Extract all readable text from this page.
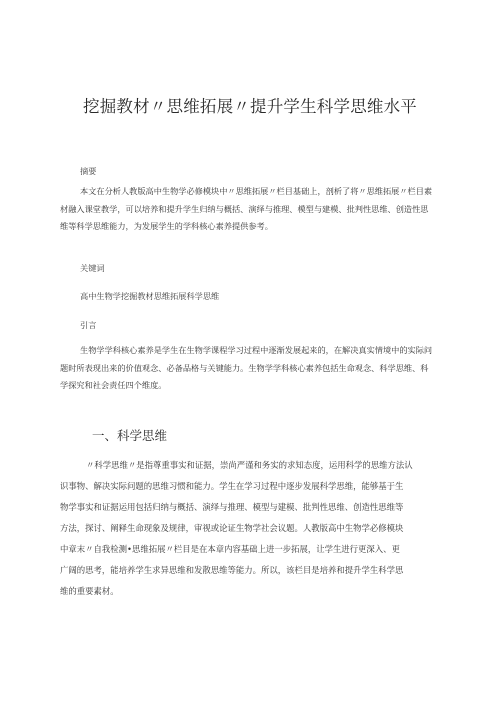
挖掘教材〃思维拓展〃提升学生科学思维水平
摘要
本文在分析人教版高中生物学必修模块中〃思维拓展〃栏目基础上，剖析了将〃思维拓展〃栏目素
材融入课堂教学，可以培养和提升学生归纳与概括、演绎与推理、模型与建模、批判性思维、创造性思
维等科学思维能力，为发展学生的学科核心素养提供参考。
关键词
高中生物学挖掘教材思维拓展科学思维
引言
生物学学科核心素养是学生在生物学课程学习过程中逐渐发展起来的，在解决真实情境中的实际问
题时所表现出来的价值观念、必备品格与关键能力。生物学学科核心素养包括生命观念、科学思维、科
学探究和社会责任四个维度。
一、科学思维
〃科学思维〃是指尊重事实和证据，崇尚严谨和务实的求知态度，运用科学的思维方法认
识事物、解决实际问题的思维习惯和能力。学生在学习过程中逐步发展科学思维，能够基于生
物学事实和证据运用包括归纳与概括、演绎与推理、模型与建模、批判性思维、创造性思维等
方法，探讨、阐释生命现象及规律，审视或论证生物学社会议题。人教版高中生物学必修模块
中章末〃自我检测•思维拓展〃栏目是在本章内容基础上进一步拓展，让学生进行更深入、更
广阔的思考，能培养学生求异思维和发散思维等能力。所以，该栏目是培养和提升学生科学思
维的重要素材。
